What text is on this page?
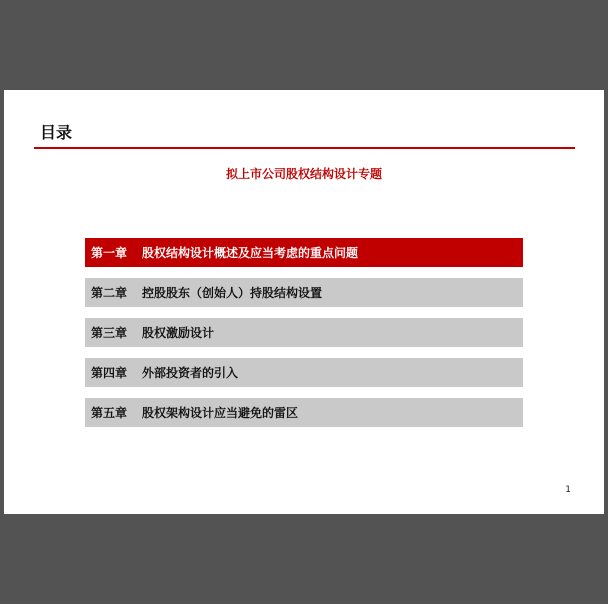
目录
拟上市公司股权结构设计专题
第一章	股权结构设计概述及应当考虑的重点问题
第二章	控股股东（创始人）持股结构设置
第三章	股权激励设计
第四章	外部投资者的引入
第五章	股权架构设计应当避免的雷区
1
